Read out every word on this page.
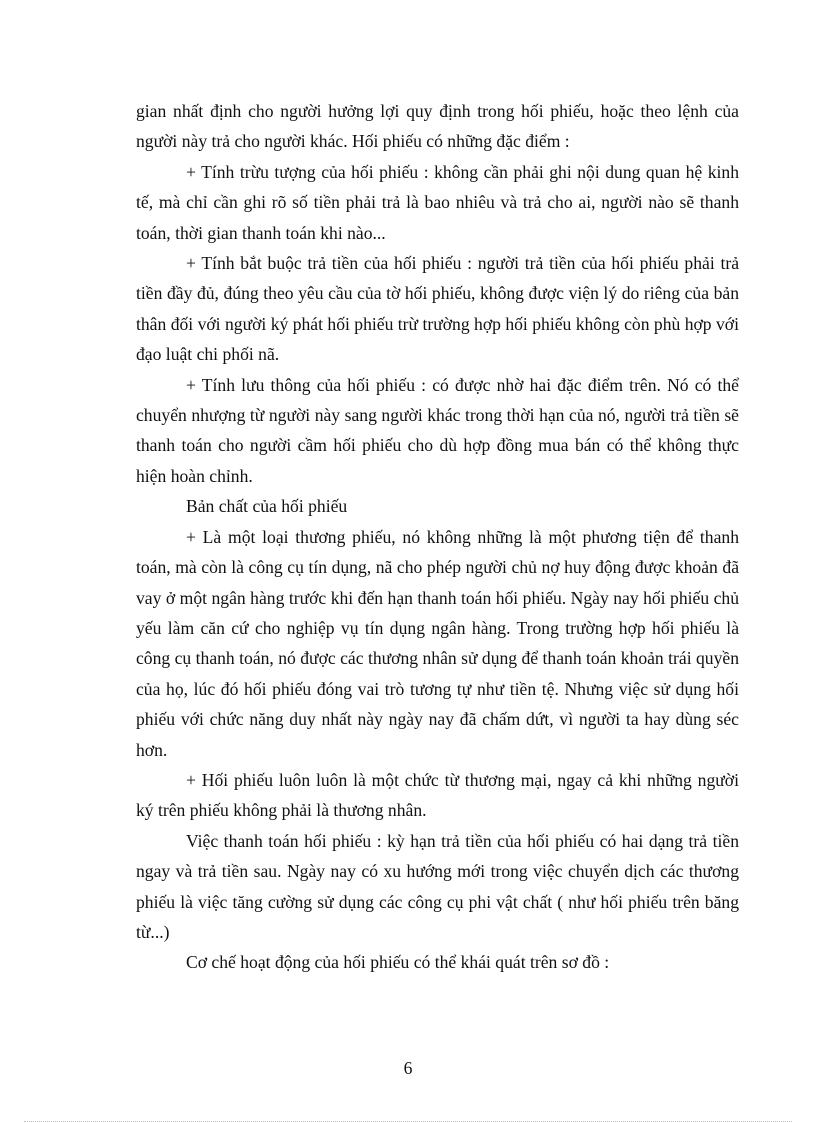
gian nhất định cho người hưởng lợi quy định trong hối phiếu, hoặc theo lệnh của người này trả cho người khác. Hối phiếu có những đặc điểm :

+ Tính trừu tượng của hối phiếu : không cần phải ghi nội dung quan hệ kinh tế, mà chỉ cần ghi rõ số tiền phải trả là bao nhiêu và trả cho ai, người nào sẽ thanh toán, thời gian thanh toán khi nào...

+ Tính bắt buộc trả tiền của hối phiếu : người trả tiền của hối phiếu phải trả tiền đầy đủ, đúng theo yêu cầu của tờ hối phiếu, không được viện lý do riêng của bản thân đối với người ký phát hối phiếu trừ trường hợp hối phiếu không còn phù hợp với đạo luật chi phối nã.

+ Tính lưu thông của hối phiếu : có được nhờ hai đặc điểm trên. Nó có thể chuyển nhượng từ người này sang người khác trong thời hạn của nó, người trả tiền sẽ thanh toán cho người cầm hối phiếu cho dù hợp đồng mua bán có thể không thực hiện hoàn chỉnh.

Bản chất của hối phiếu

+ Là một loại thương phiếu, nó không những là một phương tiện để thanh toán, mà còn là công cụ tín dụng, nã cho phép người chủ nợ huy động được khoản đã vay ở một ngân hàng trước khi đến hạn thanh toán hối phiếu. Ngày nay hối phiếu chủ yếu làm căn cứ cho nghiệp vụ tín dụng ngân hàng. Trong trường hợp hối phiếu là công cụ thanh toán, nó được các thương nhân sử dụng để thanh toán khoản trái quyền của họ, lúc đó hối phiếu đóng vai trò tương tự như tiền tệ. Nhưng việc sử dụng hối phiếu với chức năng duy nhất này ngày nay đã chấm dứt, vì người ta hay dùng séc hơn.

+ Hối phiếu luôn luôn là một chức từ thương mại, ngay cả khi những người ký trên phiếu không phải là thương nhân.

Việc thanh toán hối phiếu : kỳ hạn trả tiền của hối phiếu có hai dạng trả tiền ngay và trả tiền sau. Ngày nay có xu hướng mới trong việc chuyển dịch các thương phiếu là việc tăng cường sử dụng các công cụ phi vật chất ( như hối phiếu trên băng từ...)

Cơ chế hoạt động của hối phiếu có thể khái quát trên sơ đồ :

6
